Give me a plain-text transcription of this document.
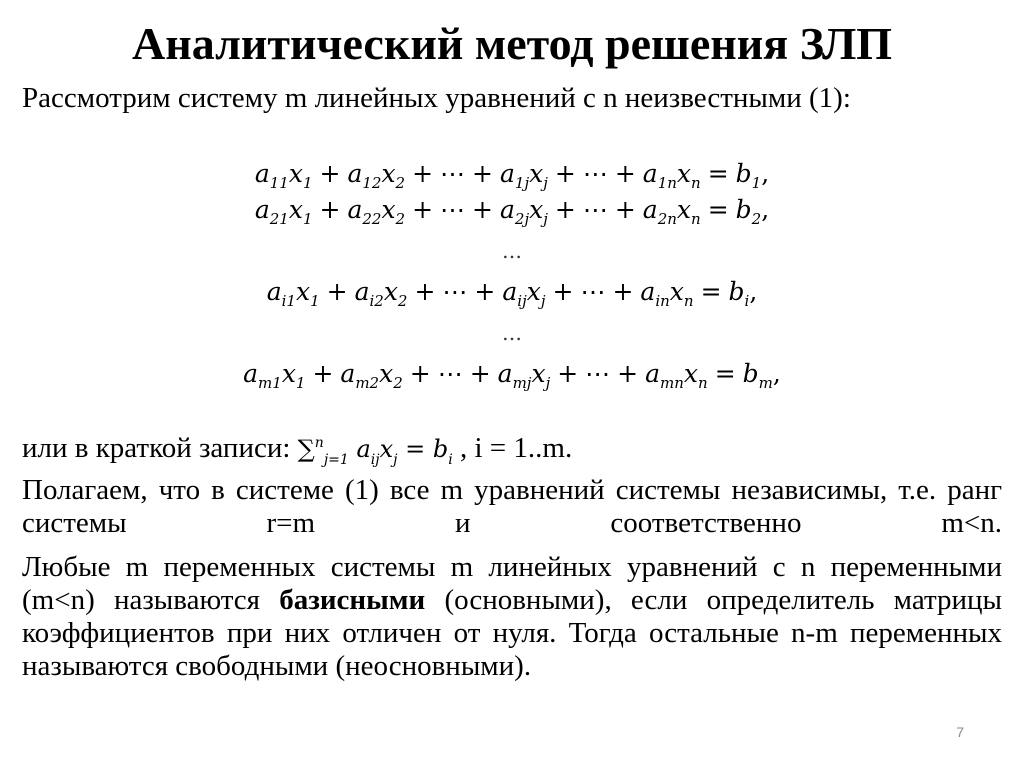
Аналитический метод решения ЗЛП
Рассмотрим систему m линейных уравнений с n неизвестными (1):
$a_{11}x_1 + a_{12}x_2$ + ⋯ + $a_{1j}x_j$ + ⋯ + $a_{1n}x_n = b_1$,
$a_{21}x_1 + a_{22}x_2$ + ⋯ + $a_{2j}x_j$ + ⋯ + $a_{2n}x_n = b_2$,
…
$a_{i1}x_1 + a_{i2}x_2$ + ⋯ + $a_{ij}x_j$ + ⋯ + $a_{in}x_n = b_i$,
…
$a_{m1}x_1 + a_{m2}x_2$ + ⋯ + $a_{mj}x_j$ + ⋯ + $a_{mn}x_n = b_m$,
или в краткой записи: ∑$^n_{j=1}$ $a_{ij}x_j = b_i$ , i = 1..m.
Полагаем, что в системе (1) все m уравнений системы независимы, т.е. ранг системы r=m и соответственно m<n.
Любые m переменных системы m линейных уравнений с n переменными (m<n) называются базисными (основными), если определитель матрицы коэффициентов при них отличен от нуля. Тогда остальные n-m переменных называются свободными (неосновными).
7
